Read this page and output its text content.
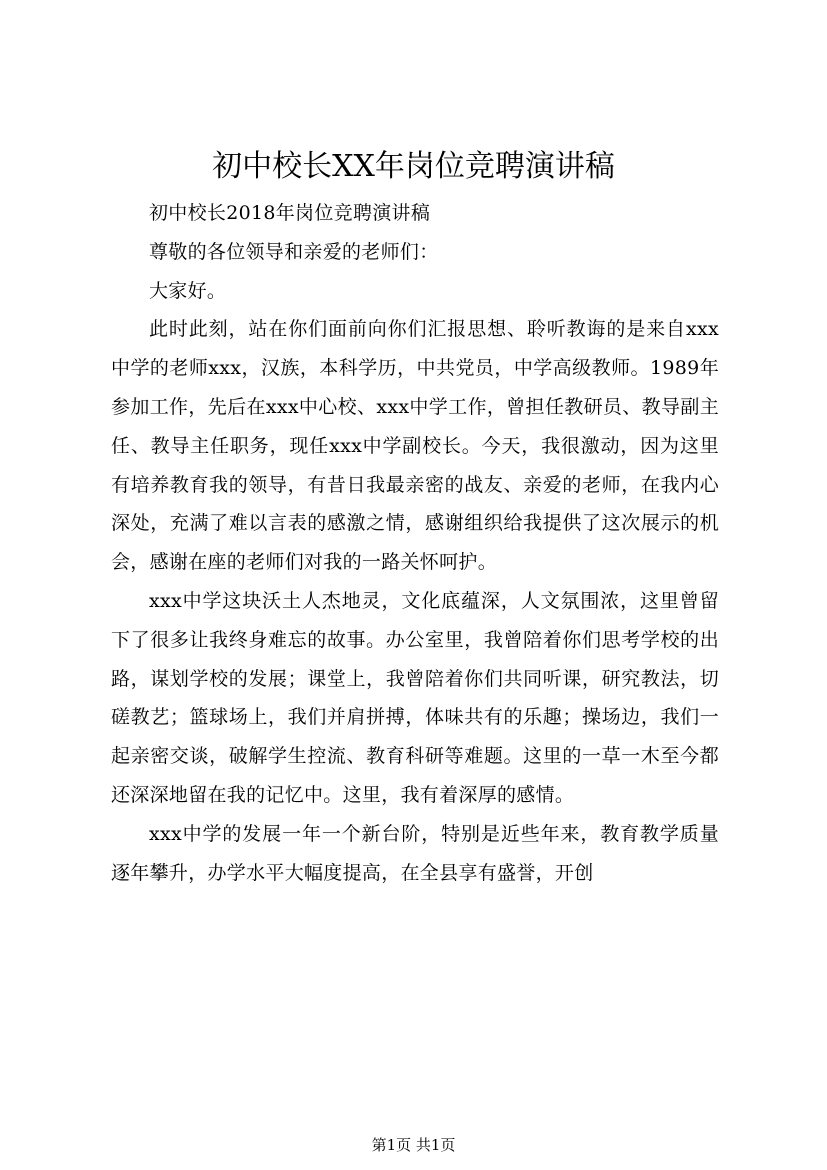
初中校长XX年岗位竞聘演讲稿

初中校长2018年岗位竞聘演讲稿

尊敬的各位领导和亲爱的老师们：

大家好。

此时此刻，站在你们面前向你们汇报思想、聆听教诲的是来自xxx中学的老师xxx，汉族，本科学历，中共党员，中学高级教师。1989年参加工作，先后在xxx中心校、xxx中学工作，曾担任教研员、教导副主任、教导主任职务，现任xxx中学副校长。今天，我很激动，因为这里有培养教育我的领导，有昔日我最亲密的战友、亲爱的老师，在我内心深处，充满了难以言表的感激之情，感谢组织给我提供了这次展示的机会，感谢在座的老师们对我的一路关怀呵护。

xxx中学这块沃土人杰地灵，文化底蕴深，人文氛围浓，这里曾留下了很多让我终身难忘的故事。办公室里，我曾陪着你们思考学校的出路，谋划学校的发展；课堂上，我曾陪着你们共同听课，研究教法，切磋教艺；篮球场上，我们并肩拼搏，体味共有的乐趣；操场边，我们一起亲密交谈，破解学生控流、教育科研等难题。这里的一草一木至今都还深深地留在我的记忆中。这里，我有着深厚的感情。

xxx中学的发展一年一个新台阶，特别是近些年来，教育教学质量逐年攀升，办学水平大幅度提高，在全县享有盛誉，开创

第1页 共1页
